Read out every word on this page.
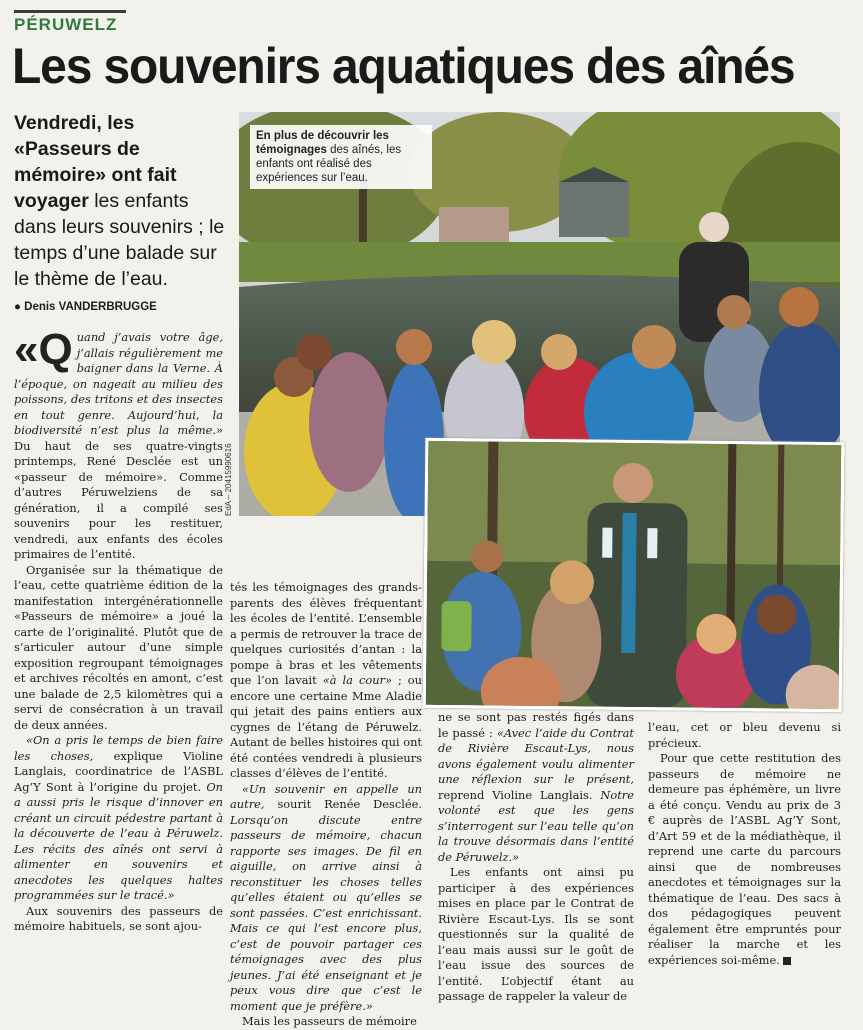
PÉRUWELZ
Les souvenirs aquatiques des aînés
Vendredi, les «Passeurs de mémoire» ont fait voyager les enfants dans leurs souvenirs ; le temps d’une balade sur le thème de l’eau.
● Denis VANDERBRUGGE
En plus de découvrir les témoignages des aînés, les enfants ont réalisé des expériences sur l’eau.
EdA – 20415990616

«Quand j’avais votre âge, j’allais régulièrement me baigner dans la Verne. À l’époque, on nageait au milieu des poissons, des tritons et des insectes en tout genre. Aujourd’hui, la biodiversité n’est plus la même.» Du haut de ses quatre-vingts printemps, René Desclée est un «passeur de mémoire». Comme d’autres Péruwelziens de sa génération, il a compilé ses souvenirs pour les restituer, vendredi, aux enfants des écoles primaires de l’entité.

Organisée sur la thématique de l’eau, cette quatrième édition de la manifestation intergénérationnelle «Passeurs de mémoire» a joué la carte de l’originalité. Plutôt que de s’articuler autour d’une simple exposition regroupant témoignages et archives récoltés en amont, c’est une balade de 2,5 kilomètres qui a servi de consécration à un travail de deux années.

«On a pris le temps de bien faire les choses, explique Violine Langlais, coordinatrice de l’ASBL Ag’Y Sont à l’origine du projet. On a aussi pris le risque d’innover en créant un circuit pédestre partant à la découverte de l’eau à Péruwelz. Les récits des aînés ont servi à alimenter en souvenirs et anecdotes les quelques haltes programmées sur le tracé.»

Aux souvenirs des passeurs de mémoire habituels, se sont ajou-

tés les témoignages des grands-parents des élèves fréquentant les écoles de l’entité. L’ensemble a permis de retrouver la trace de quelques curiosités d’antan : la pompe à bras et les vêtements que l’on lavait «à la cour» ; ou encore une certaine Mme Aladie qui jetait des pains entiers aux cygnes de l’étang de Péruwelz. Autant de belles histoires qui ont été contées vendredi à plusieurs classes d’élèves de l’entité.

«Un souvenir en appelle un autre, sourit Renée Desclée. Lorsqu’on discute entre passeurs de mémoire, chacun rapporte ses images. De fil en aiguille, on arrive ainsi à reconstituer les choses telles qu’elles étaient ou qu’elles se sont passées. C’est enrichissant. Mais ce qui l’est encore plus, c’est de pouvoir partager ces témoignages avec des plus jeunes. J’ai été enseignant et je peux vous dire que c’est le moment que je préfère.»

Mais les passeurs de mémoire

ne se sont pas restés figés dans le passé : «Avec l’aide du Contrat de Rivière Escaut-Lys, nous avons également voulu alimenter une réflexion sur le présent, reprend Violine Langlais. Notre volonté est que les gens s’interrogent sur l’eau telle qu’on la trouve désormais dans l’entité de Péruwelz.»

Les enfants ont ainsi pu participer à des expériences mises en place par le Contrat de Rivière Escaut-Lys. Ils se sont questionnés sur la qualité de l’eau mais aussi sur le goût de l’eau issue des sources de l’entité. L’objectif étant au passage de rappeler la valeur de

l’eau, cet or bleu devenu si précieux.

Pour que cette restitution des passeurs de mémoire ne demeure pas éphémère, un livre a été conçu. Vendu au prix de 3 € auprès de l’ASBL Ag’Y Sont, d’Art 59 et de la médiathèque, il reprend une carte du parcours ainsi que de nombreuses anecdotes et témoignages sur la thématique de l’eau. Des sacs à dos pédagogiques peuvent également être empruntés pour réaliser la marche et les expériences soi-même.
